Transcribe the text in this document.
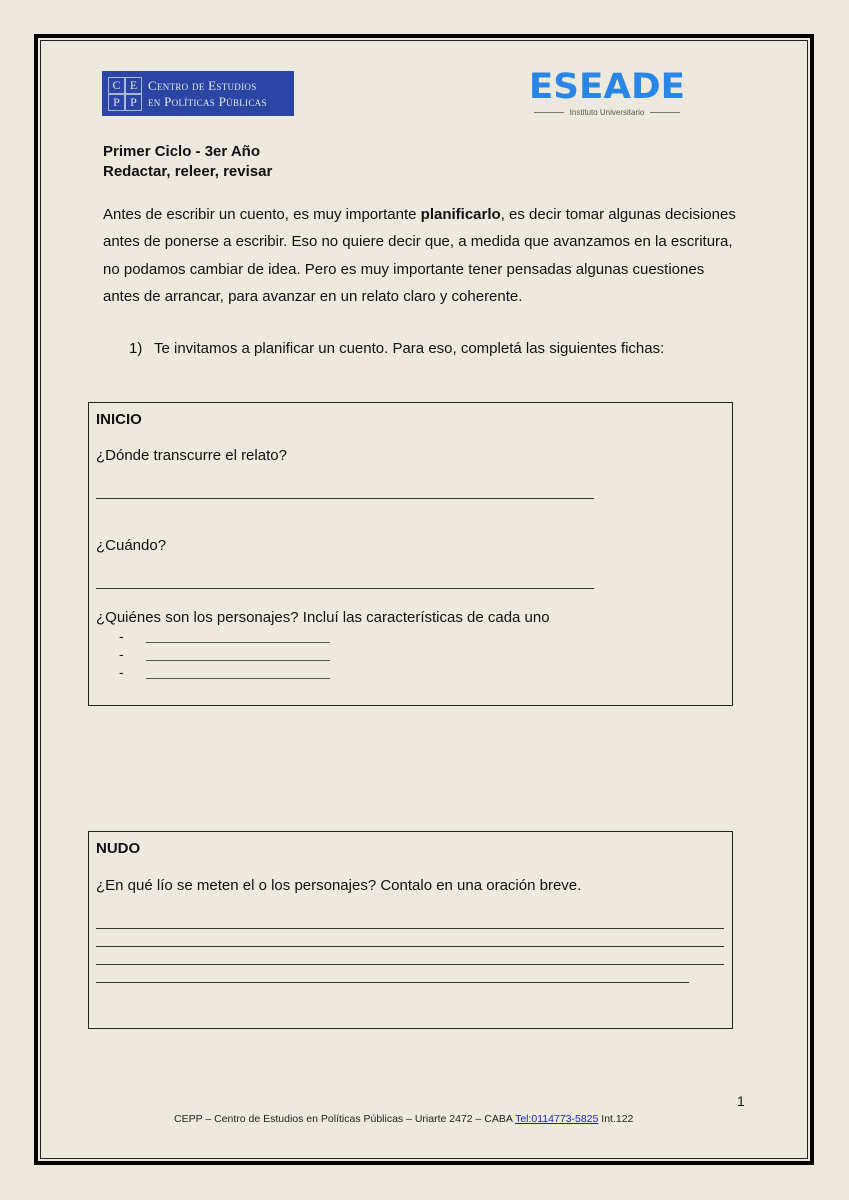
C E
P P
Centro de Estudios
en Políticas Públicas	ESEADE
Instituto Universitario
Primer Ciclo - 3er Año
Redactar, releer, revisar
Antes de escribir un cuento, es muy importante planificarlo, es decir tomar algunas decisiones antes de ponerse a escribir. Eso no quiere decir que, a medida que avanzamos en la escritura, no podamos cambiar de idea. Pero es muy importante tener pensadas algunas cuestiones antes de arrancar, para avanzar en un relato claro y coherente.
1) Te invitamos a planificar un cuento. Para eso, completá las siguientes fichas:
INICIO
¿Dónde transcurre el relato?
¿Cuándo?
¿Quiénes son los personajes? Incluí las características de cada uno
-
-
-
NUDO
¿En qué lío se meten el o los personajes? Contalo en una oración breve.
1
CEPP – Centro de Estudios en Políticas Públicas – Uriarte 2472 – CABA Tel:0114773-5825 Int.122
